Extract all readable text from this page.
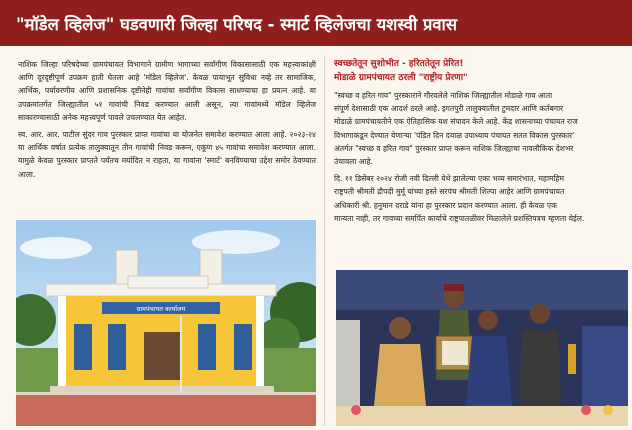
"मॉडेल व्हिलेज" घडवणारी जिल्हा परिषद - स्मार्ट व्हिलेजचा यशस्वी प्रवास

नाशिक जिल्हा परिषदेच्या ग्रामपंचायत विभागाने ग्रामीण भागाच्या सर्वांगीण विकासासाठी एक महत्त्वाकांक्षी आणि दूरदृष्टीपूर्ण उपक्रम हाती घेतला आहे 'मॉडेल व्हिलेज'. केवळ पायाभूत सुविधा नव्हे तर सामाजिक, आर्थिक, पर्यावरणीय आणि प्रशासनिक दृष्टीनेही गावांचा सर्वांगीण विकास साधण्याचा हा प्रयत्न आहे. या उपक्रमांतर्गत जिल्ह्यातील ५१ गावांची निवड करण्यात आली असून, त्या गावांमध्ये मॉडेल व्हिलेज साकारण्यासाठी अनेक महत्त्वपूर्ण पावले उचलण्यात येत आहेत.

स्व. आर. आर. पाटील सुंदर गाव पुरस्कार प्राप्त गावांचा या योजनेत समावेश करण्यात आला आहे. २०२३-२४ या आर्थिक वर्षात प्रत्येक तालुक्यातून तीन गावांची निवड करून, एकूण ४५ गावांचा समावेश करण्यात आला. यामुळे केवळ पुरस्कार प्राप्तते पर्यंतच मर्यादित न राहता, या गावांना 'स्मार्ट' बनविण्याचा उद्देश समोर ठेवण्यात आला.

स्वच्छतेतून सुशोभीत - हरिततेतून प्रेरित!
मोडाळे ग्रामपंचायत ठरली "राष्ट्रीय प्रेरणा"

"स्वच्छ व हरित गाव" पुरस्काराने गौरवलेले नाशिक जिल्ह्यातील मोडाळे गाव आता
संपूर्ण देशासाठी एक आदर्श ठरले आहे. इगतपुरी तालुक्यातील टुमदार आणि कर्तबगार
मोडाळे ग्रामपंचायतीने एक ऐतिहासिक यश संपादन केले आहे. केंद्र शासनाच्या पंचायत राज
विभागाकडून देण्यात येणाऱ्या 'पंडित दिन दयाळ उपाध्याय पंचायत सतत विकास पुरस्कार'
अंतर्गत "स्वच्छ व हरित गाव" पुरस्कार प्राप्त करून नाशिक जिल्ह्याचा नावलौकिक देशभर
उंचावला आहे.

दि. ११ डिसेंबर २०२४ रोजी नवी दिल्ली येथे झालेल्या एका भव्य समारंभात, महामहिम
राष्ट्रपती श्रीमती द्रौपदी मुर्मू यांच्या हस्ते सरपंच श्रीमती शिल्पा आहेर आणि ग्रामपंचायत
अधिकारी श्री. हनुमान दराडे यांना हा पुरस्कार प्रदान करण्यात आला. ही केवळ एक
मान्यता नाही, तर गावच्या समर्पित कार्याचे राष्ट्रपातळीवर मिळालेले प्रशस्तिपत्रच म्हणता येईल.

ग्रामपंचायत कार्यालय
